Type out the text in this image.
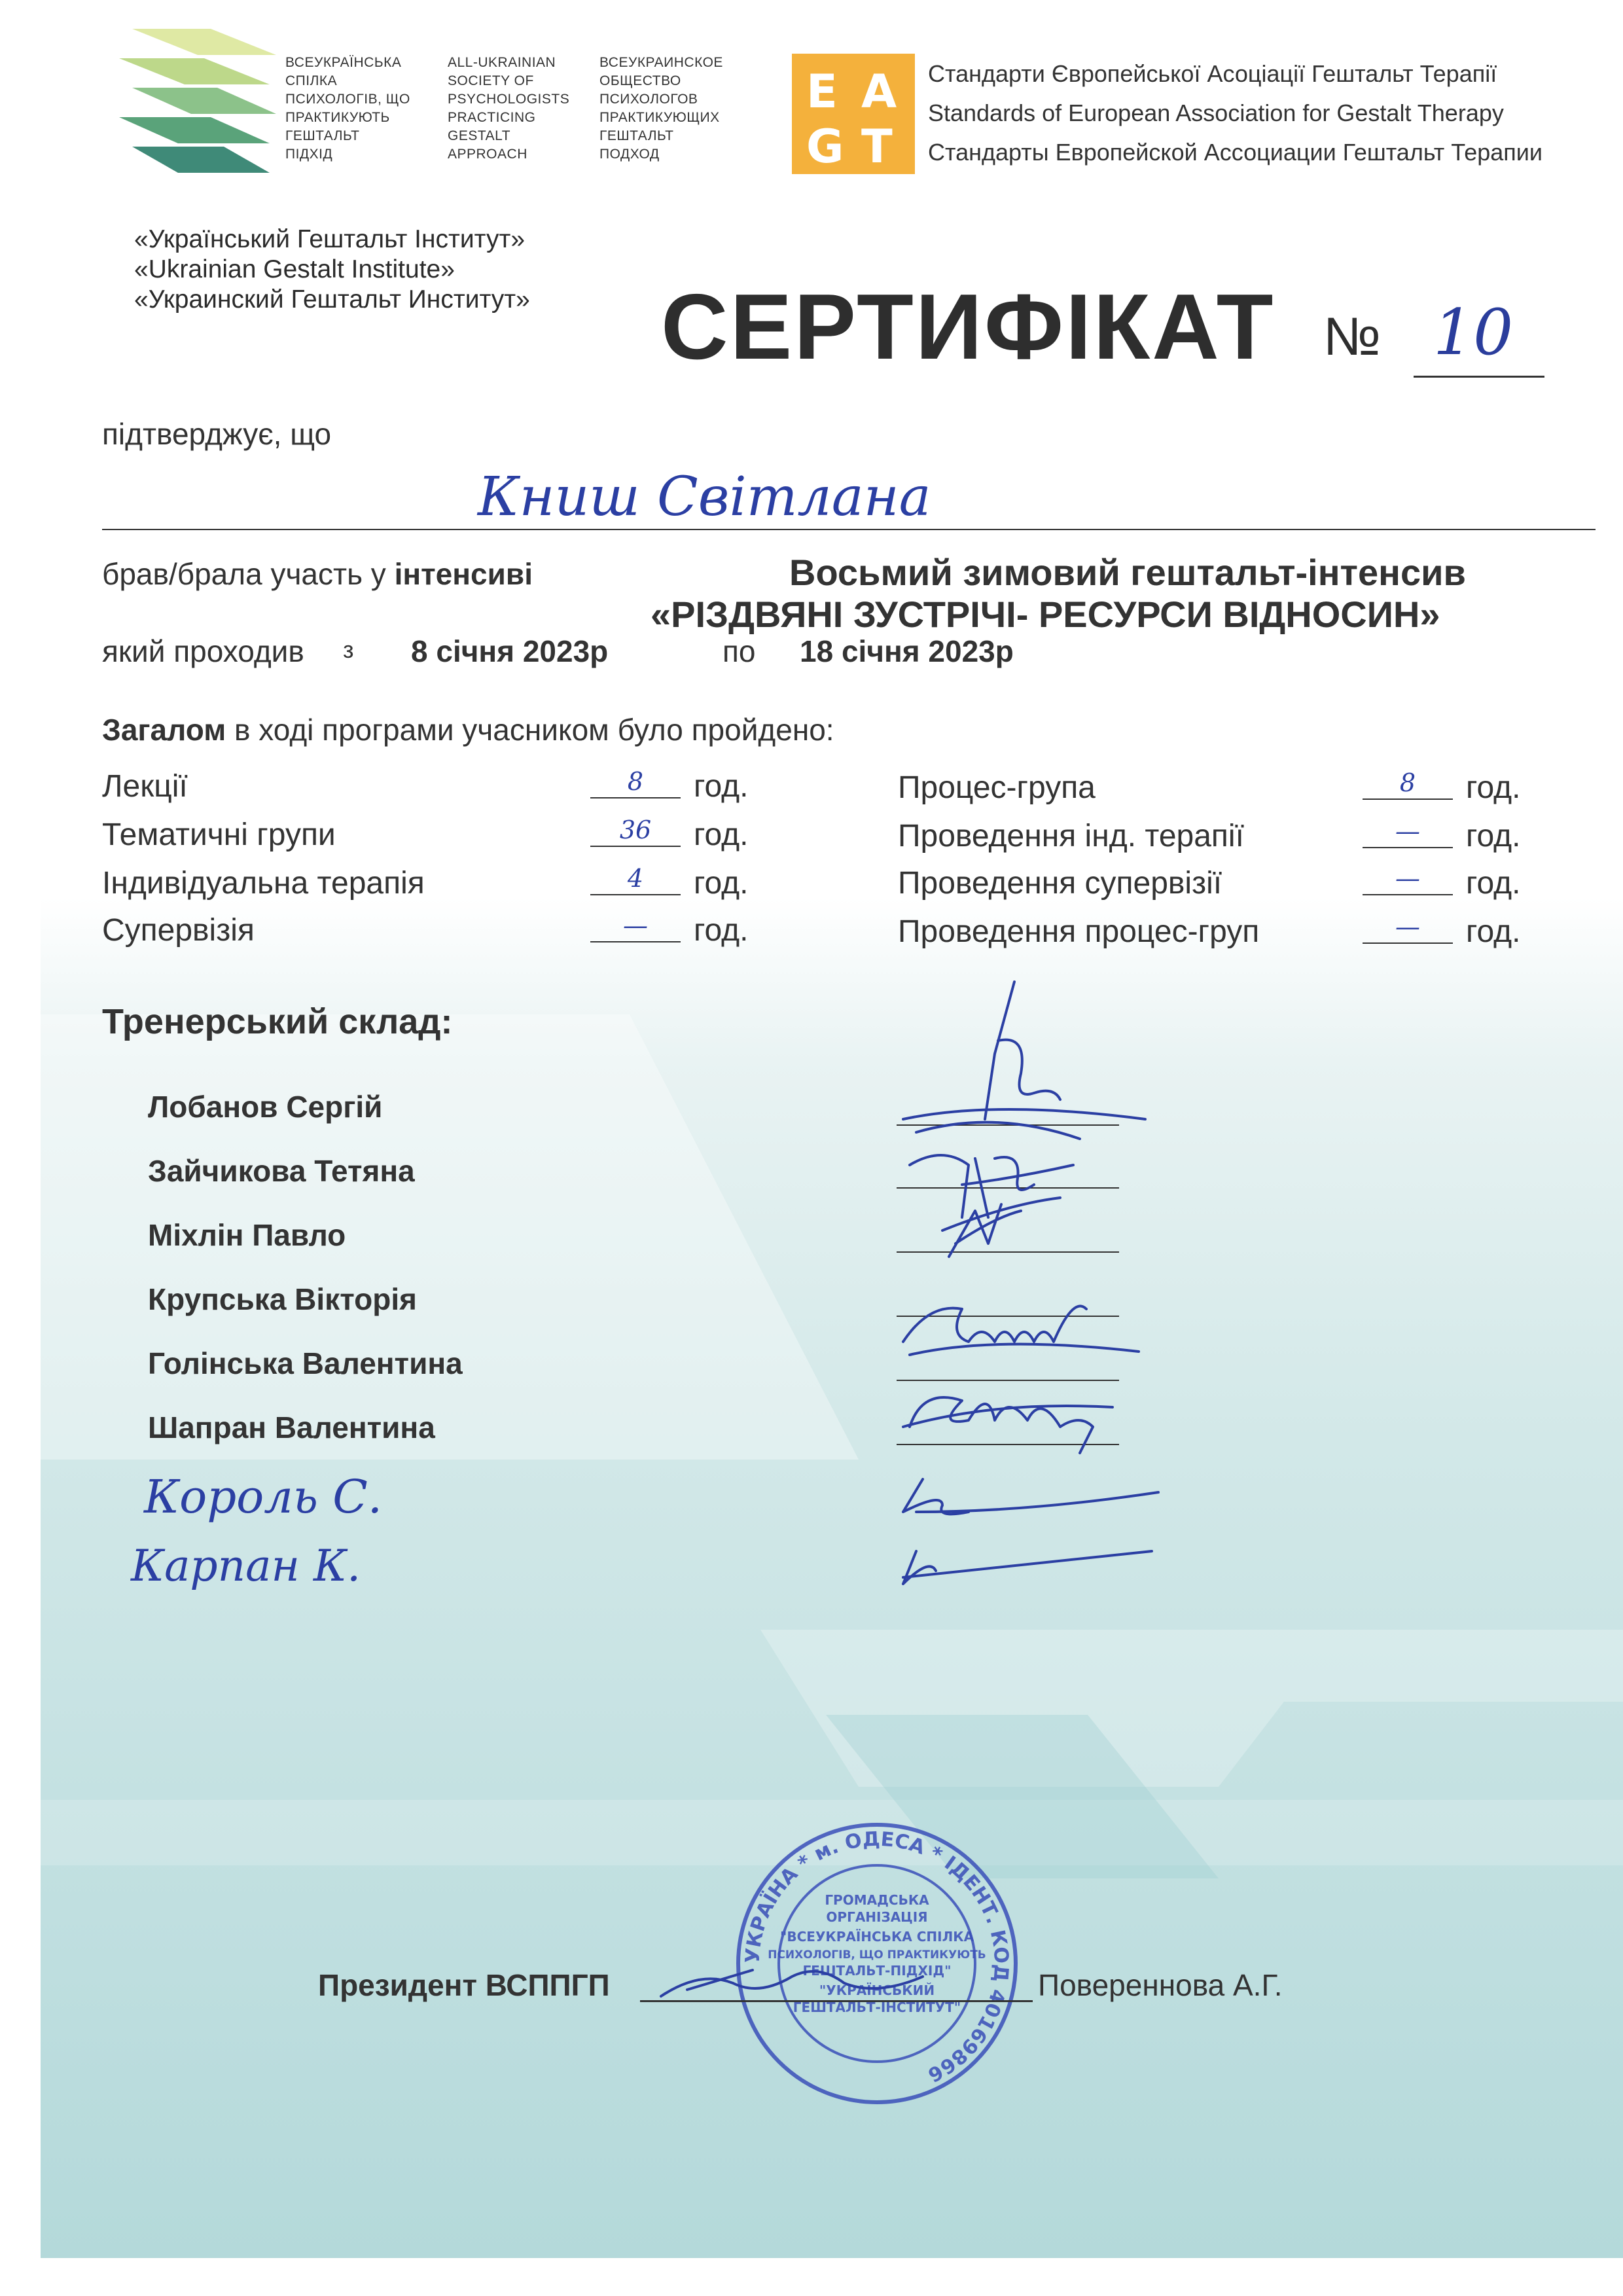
ВСЕУКРАЇНСЬКА
СПІЛКА
ПСИХОЛОГІВ, ЩО
ПРАКТИКУЮТЬ
ГЕШТАЛЬТ
ПІДХІД
ALL-UKRAINIAN
SOCIETY OF
PSYCHOLOGISTS
PRACTICING
GESTALT
APPROACH
ВСЕУКРАИНСКОЕ
ОБЩЕСТВО
ПСИХОЛОГОВ
ПРАКТИКУЮЩИХ
ГЕШТАЛЬТ
ПОДХОД
E A
G T
Стандарти Європейської Асоціації Гештальт Терапії
Standards of European Association for Gestalt Therapy
Стандарты Европейской Ассоциации Гештальт Терапии
«Український Гештальт Інститут»
«Ukrainian Gestalt Institute»
«Украинский Гештальт Институт» СЕРТИФІКАТ № 10
підтверджує, що
Книш Світлана
брав/брала участь у інтенсиві	Восьмий зимовий гештальт-інтенсив
«РІЗДВЯНІ ЗУСТРІЧІ- РЕСУРСИ ВІДНОСИН»
який проходив з 8 січня 2023р	по 18 січня 2023р
Загалом в ході програми учасником було пройдено:
Лекції	8	год.
Тематичні групи	36	год.
Індивідуальна терапія	4	год.
Супервізія	—	год.
Процес-група	8	год.
Проведення інд. терапії	—	год.
Проведення супервізії	—	год.
Проведення процес-груп	—	год.
Тренерський склад:
Лобанов Сергій
Зайчикова Тетяна
Міхлін Павло
Крупська Вікторія
Голінська Валентина
Шапран Валентина
Король С.
Карпан К.
УКРАЇНА * м. ОДЕСА * ІДЕНТ. КОД 40169866
ГРОМАДСЬКА
ОРГАНІЗАЦІЯ
"ВСЕУКРАЇНСЬКА СПІЛКА
ПСИХОЛОГІВ, ЩО ПРАКТИКУЮТЬ
ГЕШТАЛЬТ-ПІДХІД"
"УКРАЇНСЬКИЙ
ГЕШТАЛЬТ-ІНСТИТУТ"
Президент ВСППГП	Повереннова А.Г.
